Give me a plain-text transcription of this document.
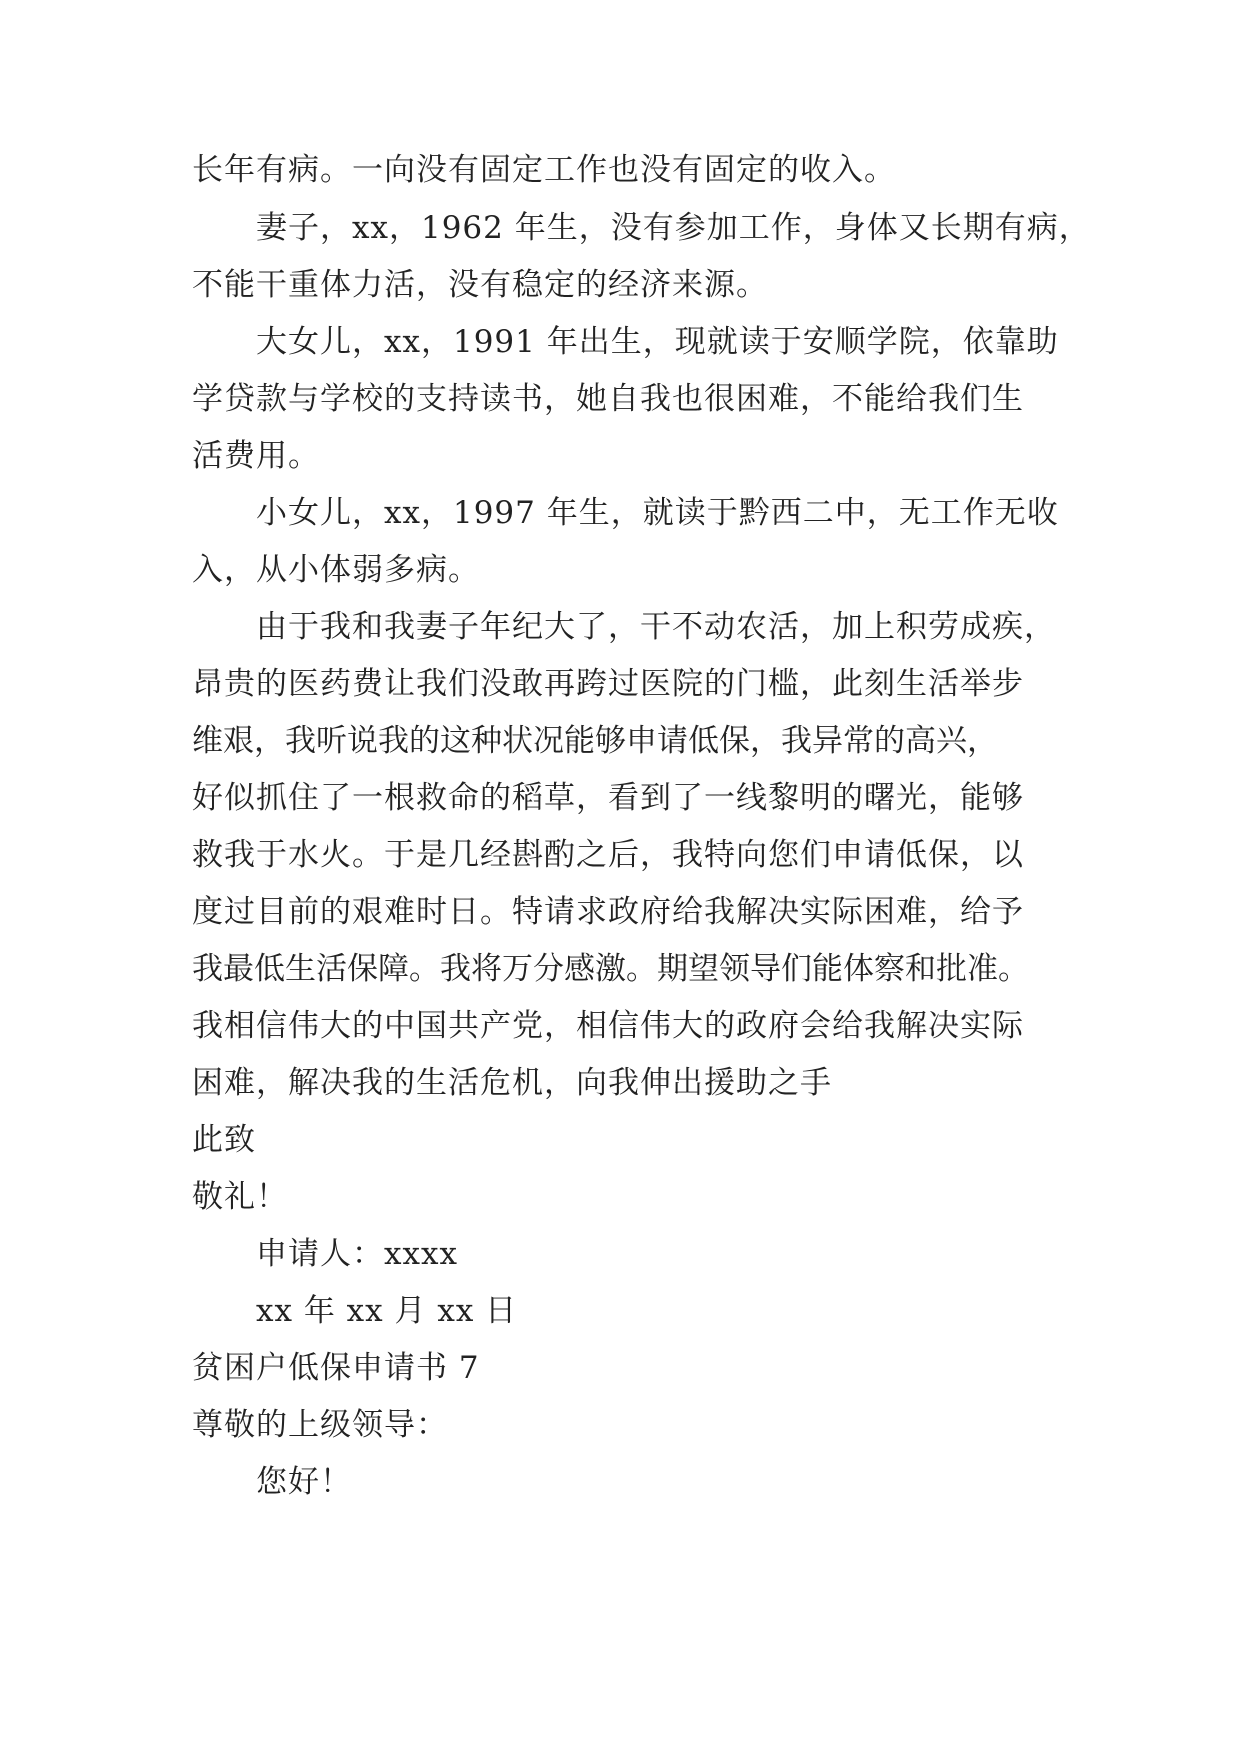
长年有病。一向没有固定工作也没有固定的收入。
妻子，xx，1962 年生，没有参加工作，身体又长期有病，
不能干重体力活，没有稳定的经济来源。
大女儿，xx，1991 年出生，现就读于安顺学院，依靠助
学贷款与学校的支持读书，她自我也很困难，不能给我们生
活费用。
小女儿，xx，1997 年生，就读于黔西二中，无工作无收
入，从小体弱多病。
由于我和我妻子年纪大了，干不动农活，加上积劳成疾，
昂贵的医药费让我们没敢再跨过医院的门槛，此刻生活举步
维艰，我听说我的这种状况能够申请低保，我异常的高兴，
好似抓住了一根救命的稻草，看到了一线黎明的曙光，能够
救我于水火。于是几经斟酌之后，我特向您们申请低保，以
度过目前的艰难时日。特请求政府给我解决实际困难，给予
我最低生活保障。我将万分感激。期望领导们能体察和批准。
我相信伟大的中国共产党，相信伟大的政府会给我解决实际
困难，解决我的生活危机，向我伸出援助之手
此致
敬礼！
申请人：xxxx
xx 年 xx 月 xx 日
贫困户低保申请书 7
尊敬的上级领导：
您好！
